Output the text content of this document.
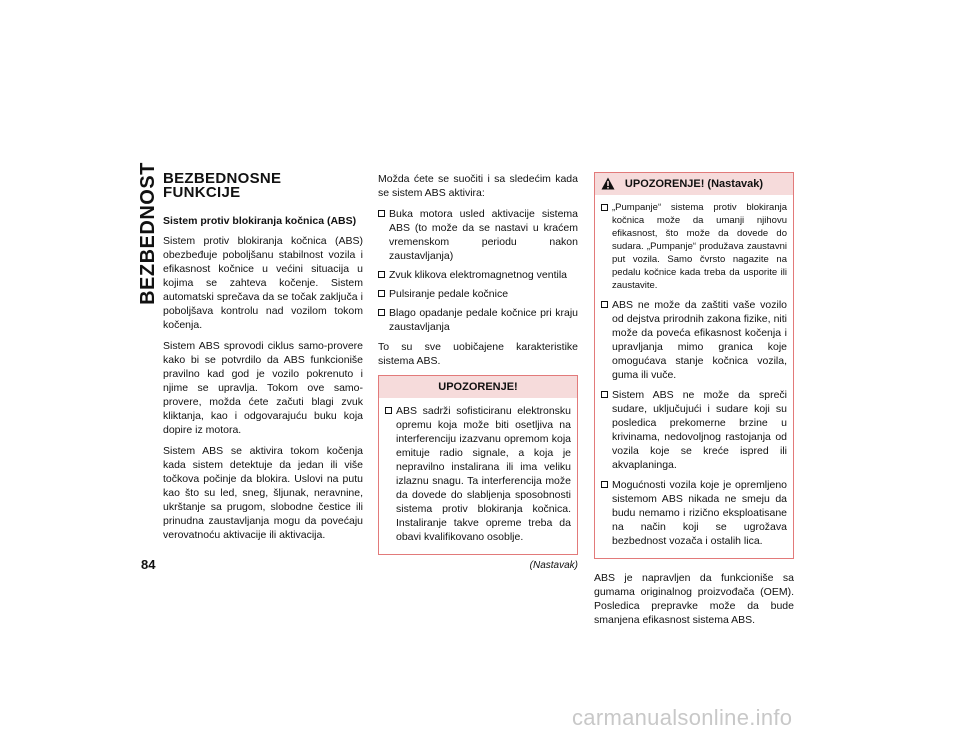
BEZBEDNOST
84
BEZBEDNOSNE FUNKCIJE
Sistem protiv blokiranja kočnica (ABS)

Sistem protiv blokiranja kočnica (ABS) obezbeđuje poboljšanu stabilnost vozila i efikasnost kočnice u većini situacija u kojima se zahteva kočenje. Sistem automatski sprečava da se točak zaključa i poboljšava kontrolu nad vozilom tokom kočenja.

Sistem ABS sprovodi ciklus samo-provere kako bi se potvrdilo da ABS funkcioniše pravilno kad god je vozilo pokrenuto i njime se upravlja. Tokom ove samo-provere, možda ćete začuti blagi zvuk kliktanja, kao i odgovarajuću buku koja dopire iz motora.

Sistem ABS se aktivira tokom kočenja kada sistem detektuje da jedan ili više točkova počinje da blokira. Uslovi na putu kao što su led, sneg, šljunak, neravnine, ukrštanje sa prugom, slobodne čestice ili prinudna zaustavljanja mogu da povećaju verovatnoću aktivacije ili aktivacija.

Možda ćete se suočiti i sa sledećim kada se sistem ABS aktivira:

Buka motora usled aktivacije sistema ABS (to može da se nastavi u kraćem vremenskom periodu nakon zaustavljanja)
Zvuk klikova elektromagnetnog ventila
Pulsiranje pedale kočnice
Blago opadanje pedale kočnice pri kraju zaustavljanja

To su sve uobičajene karakteristike sistema ABS.

UPOZORENJE!
ABS sadrži sofisticiranu elektronsku opremu koja može biti osetljiva na interferenciju izazvanu opremom koja emituje radio signale, a koja je nepravilno instalirana ili ima veliku izlaznu snagu. Ta interferencija može da dovede do slabljenja sposobnosti sistema protiv blokiranja kočnica. Instaliranje takve opreme treba da obavi kvalifikovano osoblje.
(Nastavak)
UPOZORENJE! (Nastavak)
„Pumpanje“ sistema protiv blokiranja kočnica može da umanji njihovu efikasnost, što može da dovede do sudara. „Pumpanje“ produžava zaustavni put vozila. Samo čvrsto nagazite na pedalu kočnice kada treba da usporite ili zaustavite.
ABS ne može da zaštiti vaše vozilo od dejstva prirodnih zakona fizike, niti može da poveća efikasnost kočenja i upravljanja mimo granica koje omogućava stanje kočnica vozila, guma ili vuče.
Sistem ABS ne može da spreči sudare, uključujući i sudare koji su posledica prekomerne brzine u krivinama, nedovoljnog rastojanja od vozila koje se kreće ispred ili akvaplaninga.
Mogućnosti vozila koje je opremljeno sistemom ABS nikada ne smeju da budu nemamo i rizično eksploatisane na način koji se ugrožava bezbednost vozača i ostalih lica.

ABS je napravljen da funkcioniše sa gumama originalnog proizvođača (OEM). Posledica prepravke može da bude smanjena efikasnost sistema ABS.

carmanualsonline.info
